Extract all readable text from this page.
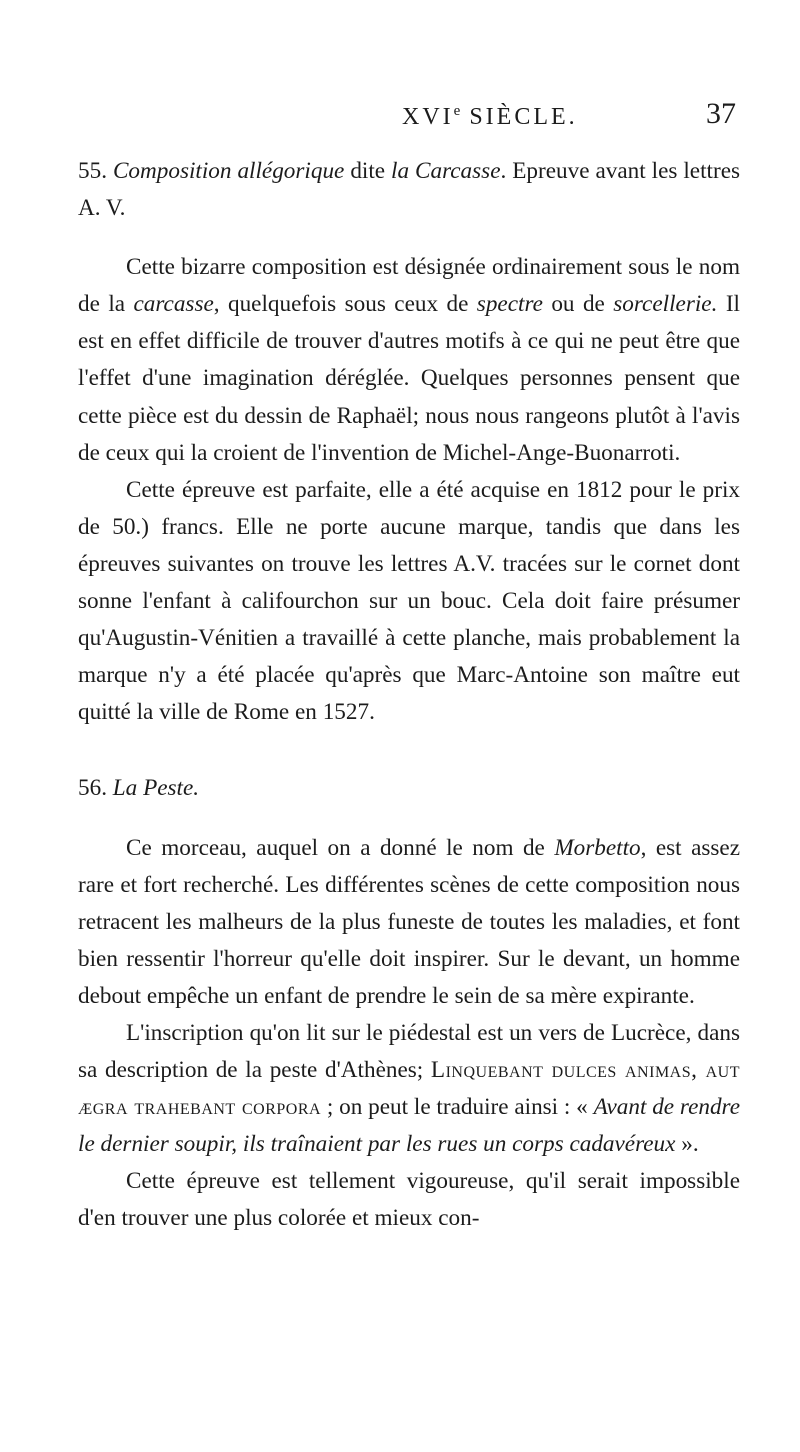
XVIe SIÈCLE.	37

55. Composition allégorique dite la Carcasse. Epreuve avant les lettres A. V.

Cette bizarre composition est désignée ordinairement sous le nom de la carcasse, quelquefois sous ceux de spectre ou de sorcellerie. Il est en effet difficile de trouver d'autres motifs à ce qui ne peut être que l'effet d'une imagination déréglée. Quelques personnes pensent que cette pièce est du dessin de Raphaël; nous nous rangeons plutôt à l'avis de ceux qui la croient de l'invention de Michel-Ange-Buonarroti.

Cette épreuve est parfaite, elle a été acquise en 1812 pour le prix de 50.) francs. Elle ne porte aucune marque, tandis que dans les épreuves suivantes on trouve les lettres A.V. tracées sur le cornet dont sonne l'enfant à califourchon sur un bouc. Cela doit faire présumer qu'Augustin-Vénitien a travaillé à cette planche, mais probablement la marque n'y a été placée qu'après que Marc-Antoine son maître eut quitté la ville de Rome en 1527.

56. La Peste.

Ce morceau, auquel on a donné le nom de Morbetto, est assez rare et fort recherché. Les différentes scènes de cette composition nous retracent les malheurs de la plus funeste de toutes les maladies, et font bien ressentir l'horreur qu'elle doit inspirer. Sur le devant, un homme debout empêche un enfant de prendre le sein de sa mère expirante.

L'inscription qu'on lit sur le piédestal est un vers de Lucrèce, dans sa description de la peste d'Athènes; Linquebant dulces animas, aut ægra trahebant corpora ; on peut le traduire ainsi : « Avant de rendre le dernier soupir, ils traînaient par les rues un corps cadavéreux ».

Cette épreuve est tellement vigoureuse, qu'il serait impossible d'en trouver une plus colorée et mieux con-
